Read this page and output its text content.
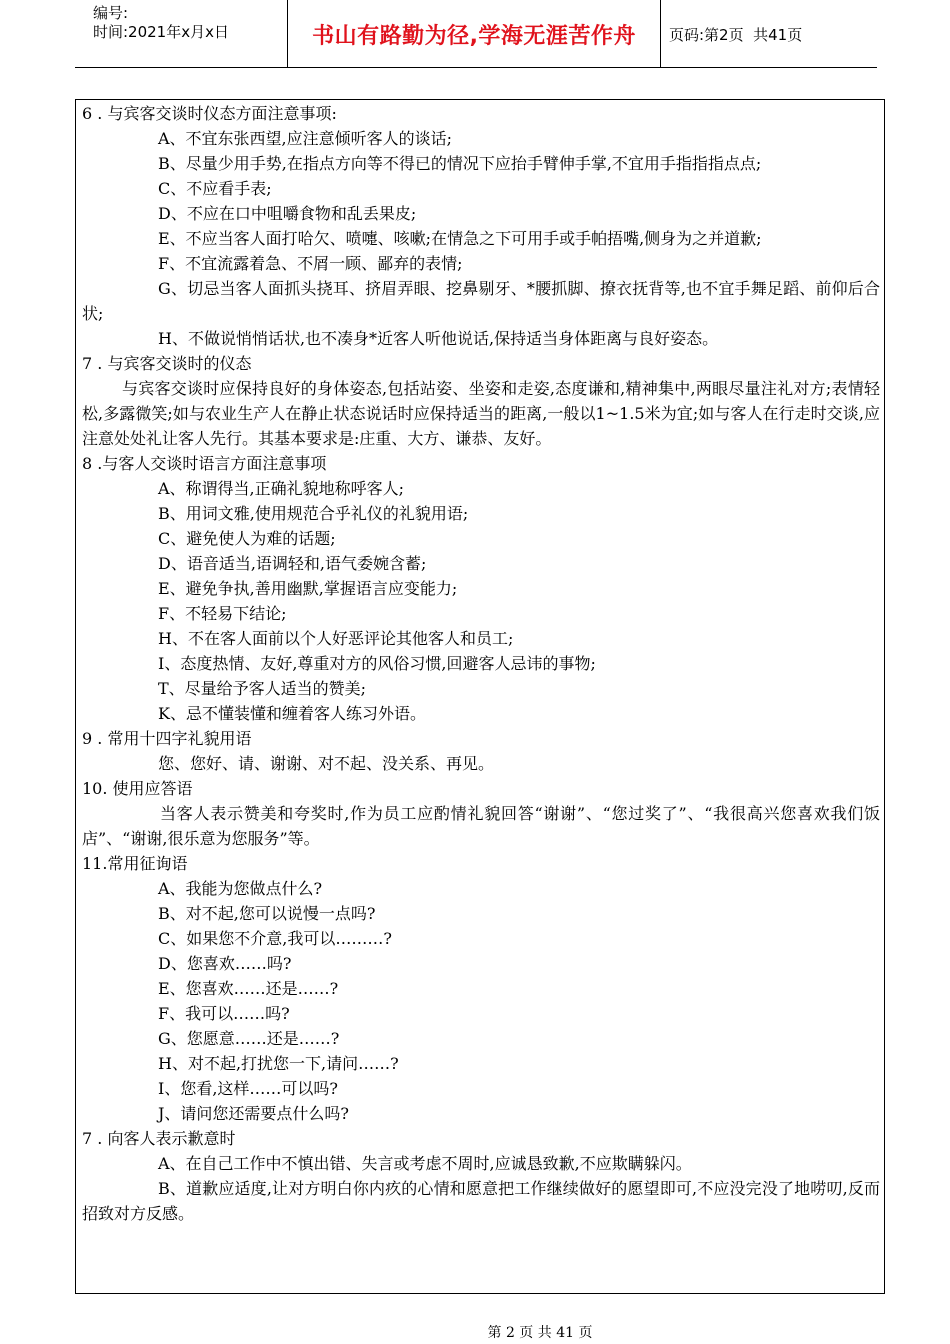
编号:
时间:2021年x月x日	书山有路勤为径,学海无涯苦作舟	页码:第2页  共41页

6 . 与宾客交谈时仪态方面注意事项:

A、不宜东张西望,应注意倾听客人的谈话;

B、尽量少用手势,在指点方向等不得已的情况下应抬手臂伸手掌,不宜用手指指指点点;

C、不应看手表;

D、不应在口中咀嚼食物和乱丢果皮;

E、不应当客人面打哈欠、喷嚏、咳嗽;在情急之下可用手或手帕捂嘴,侧身为之并道歉;

F、不宜流露着急、不屑一顾、鄙弃的表情;

G、切忌当客人面抓头挠耳、挤眉弄眼、挖鼻剔牙、*腰抓脚、撩衣抚背等,也不宜手舞足蹈、前仰后合状;

H、不做说悄悄话状,也不凑身*近客人听他说话,保持适当身体距离与良好姿态。

7 . 与宾客交谈时的仪态

与宾客交谈时应保持良好的身体姿态,包括站姿、坐姿和走姿,态度谦和,精神集中,两眼尽量注礼对方;表情轻松,多露微笑;如与农业生产人在静止状态说话时应保持适当的距离,一般以1~1.5米为宜;如与客人在行走时交谈,应注意处处礼让客人先行。其基本要求是:庄重、大方、谦恭、友好。

8 .与客人交谈时语言方面注意事项

A、称谓得当,正确礼貌地称呼客人;

B、用词文雅,使用规范合乎礼仪的礼貌用语;

C、避免使人为难的话题;

D、语音适当,语调轻和,语气委婉含蓄;

E、避免争执,善用幽默,掌握语言应变能力;

F、不轻易下结论;

H、不在客人面前以个人好恶评论其他客人和员工;

I、态度热情、友好,尊重对方的风俗习惯,回避客人忌讳的事物;

T、尽量给予客人适当的赞美;

K、忌不懂装懂和缠着客人练习外语。

9 . 常用十四字礼貌用语

您、您好、请、谢谢、对不起、没关系、再见。

10. 使用应答语

当客人表示赞美和夸奖时,作为员工应酌情礼貌回答“谢谢”、“您过奖了”、“我很高兴您喜欢我们饭店”、“谢谢,很乐意为您服务”等。

11.常用征询语

A、我能为您做点什么?

B、对不起,您可以说慢一点吗?

C、如果您不介意,我可以………?

D、您喜欢……吗?

E、您喜欢……还是……?

F、我可以……吗?

G、您愿意……还是……?

H、对不起,打扰您一下,请问……?

I、您看,这样……可以吗?

J、请问您还需要点什么吗?

7 . 向客人表示歉意时

A、在自己工作中不慎出错、失言或考虑不周时,应诚恳致歉,不应欺瞒躲闪。

B、道歉应适度,让对方明白你内疚的心情和愿意把工作继续做好的愿望即可,不应没完没了地唠叨,反而招致对方反感。

第 2 页 共 41 页
